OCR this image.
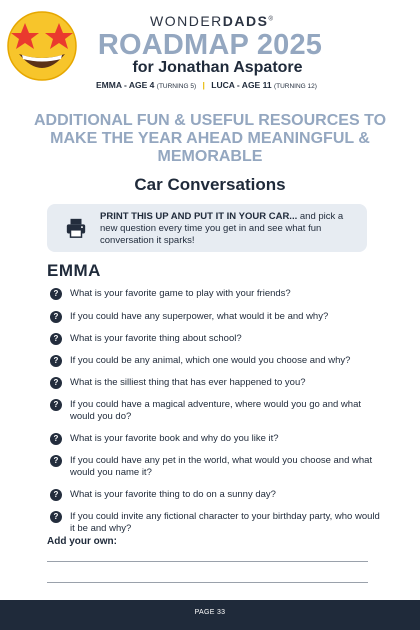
WONDERDADS®
ROADMAP 2025
for Jonathan Aspatore
EMMA - AGE 4 (TURNING 5) | LUCA - AGE 11 (TURNING 12)
ADDITIONAL FUN & USEFUL RESOURCES TO MAKE THE YEAR AHEAD MEANINGFUL & MEMORABLE
Car Conversations
PRINT THIS UP AND PUT IT IN YOUR CAR... and pick a new question every time you get in and see what fun conversation it sparks!
EMMA
?	What is your favorite game to play with your friends?
?	If you could have any superpower, what would it be and why?
?	What is your favorite thing about school?
?	If you could be any animal, which one would you choose and why?
?	What is the silliest thing that has ever happened to you?
?	If you could have a magical adventure, where would you go and what would you do?
?	What is your favorite book and why do you like it?
?	If you could have any pet in the world, what would you choose and what would you name it?
?	What is your favorite thing to do on a sunny day?
?	If you could invite any fictional character to your birthday party, who would it be and why?
Add your own:
PAGE 33
